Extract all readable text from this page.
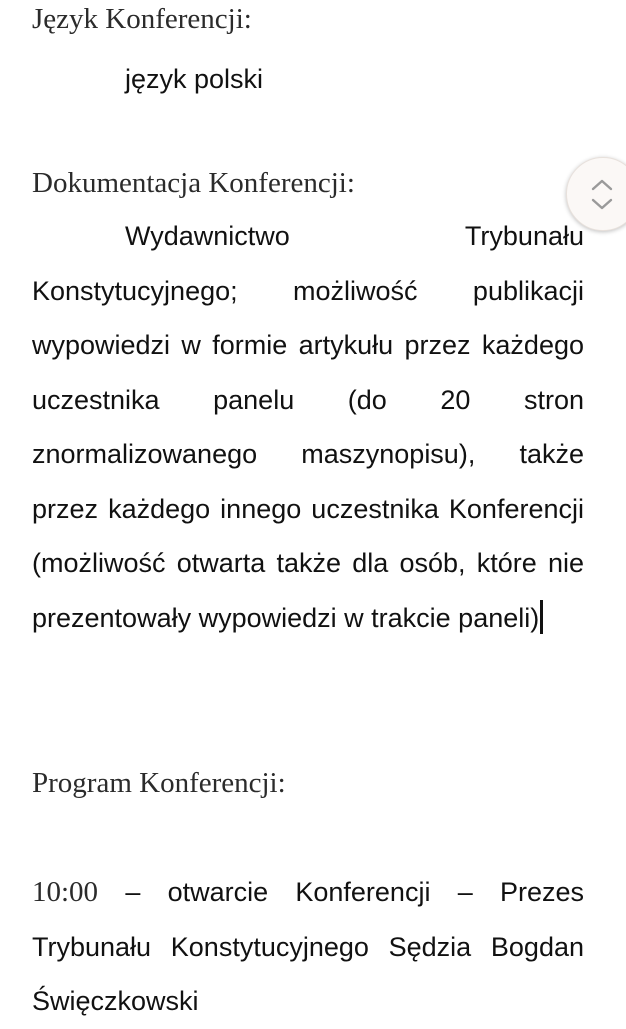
Język Konferencji:

język polski

Dokumentacja Konferencji:

Wydawnictwo Trybunału Konstytucyjnego; możliwość publikacji wypowiedzi w formie artykułu przez każdego uczestnika panelu (do 20 stron znormalizowanego maszynopisu), także przez każdego innego uczestnika Konferencji (możliwość otwarta także dla osób, które nie prezentowały wypowiedzi w trakcie paneli)

Program Konferencji:

10:00 – otwarcie Konferencji – Prezes Trybunału Konstytucyjnego Sędzia Bogdan Święczkowski
